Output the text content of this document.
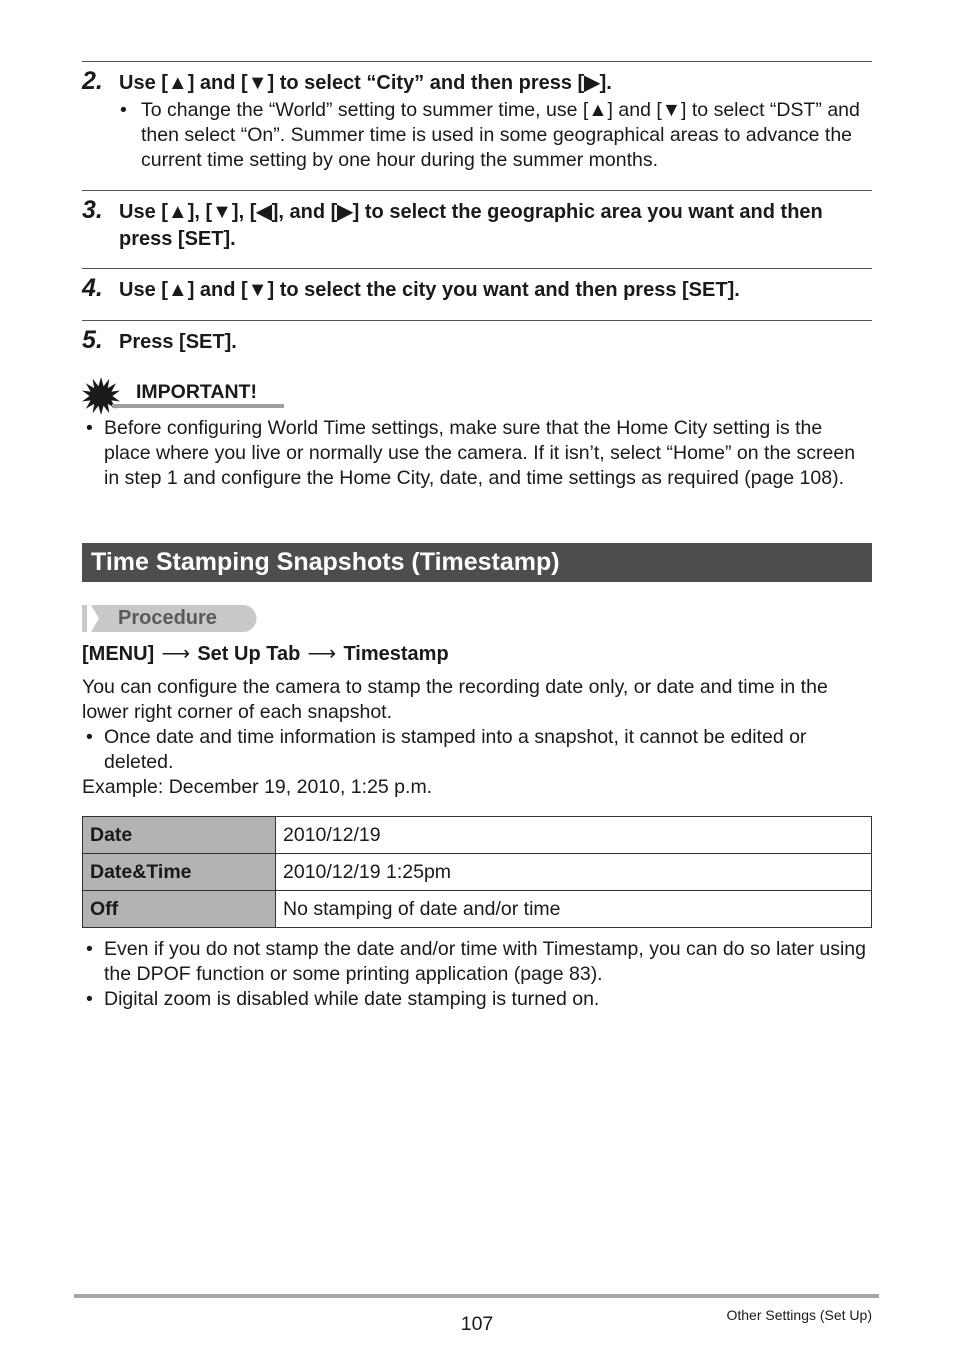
2. Use [▲] and [▼] to select “City” and then press [▶].
• To change the “World” setting to summer time, use [▲] and [▼] to select “DST” and then select “On”. Summer time is used in some geographical areas to advance the current time setting by one hour during the summer months.
3. Use [▲], [▼], [◀], and [▶] to select the geographic area you want and then press [SET].
4. Use [▲] and [▼] to select the city you want and then press [SET].
5. Press [SET].
IMPORTANT!
• Before configuring World Time settings, make sure that the Home City setting is the place where you live or normally use the camera. If it isn’t, select “Home” on the screen in step 1 and configure the Home City, date, and time settings as required (page 108).
Time Stamping Snapshots (Timestamp)
Procedure
[MENU] ⟶ Set Up Tab ⟶ Timestamp
You can configure the camera to stamp the recording date only, or date and time in the lower right corner of each snapshot.
• Once date and time information is stamped into a snapshot, it cannot be edited or deleted.
Example: December 19, 2010, 1:25 p.m.
Date	2010/12/19
Date&Time	2010/12/19 1:25pm
Off	No stamping of date and/or time
• Even if you do not stamp the date and/or time with Timestamp, you can do so later using the DPOF function or some printing application (page 83).
• Digital zoom is disabled while date stamping is turned on.
107	Other Settings (Set Up)
